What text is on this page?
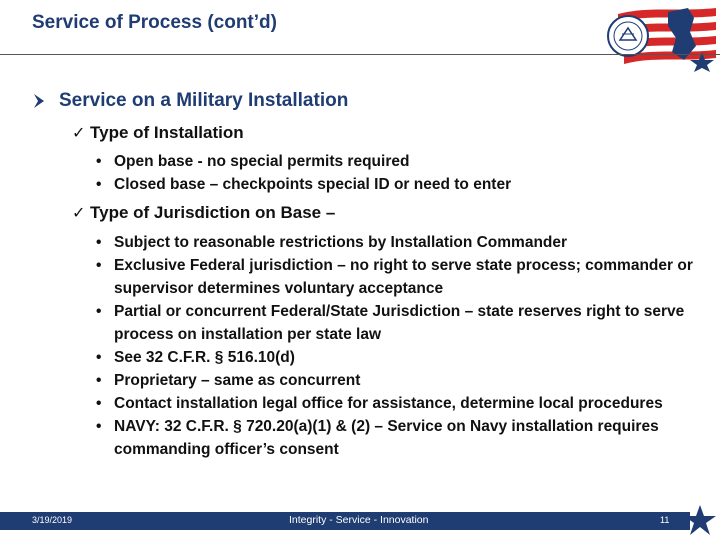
Service of Process (cont’d)
Service on a Military Installation
✓ Type of Installation
• Open base - no special permits required
• Closed base – checkpoints special ID or need to enter
✓ Type of Jurisdiction on Base –
• Subject to reasonable restrictions by Installation Commander
• Exclusive Federal jurisdiction – no right to serve state process; commander or supervisor determines voluntary acceptance
• Partial or concurrent Federal/State Jurisdiction – state reserves right to serve process on installation per state law
• See 32 C.F.R. § 516.10(d)
• Proprietary – same as concurrent
• Contact installation legal office for assistance, determine local procedures
• NAVY: 32 C.F.R. § 720.20(a)(1) & (2) – Service on Navy installation requires commanding officer’s consent
3/19/2019	Integrity - Service - Innovation	11
